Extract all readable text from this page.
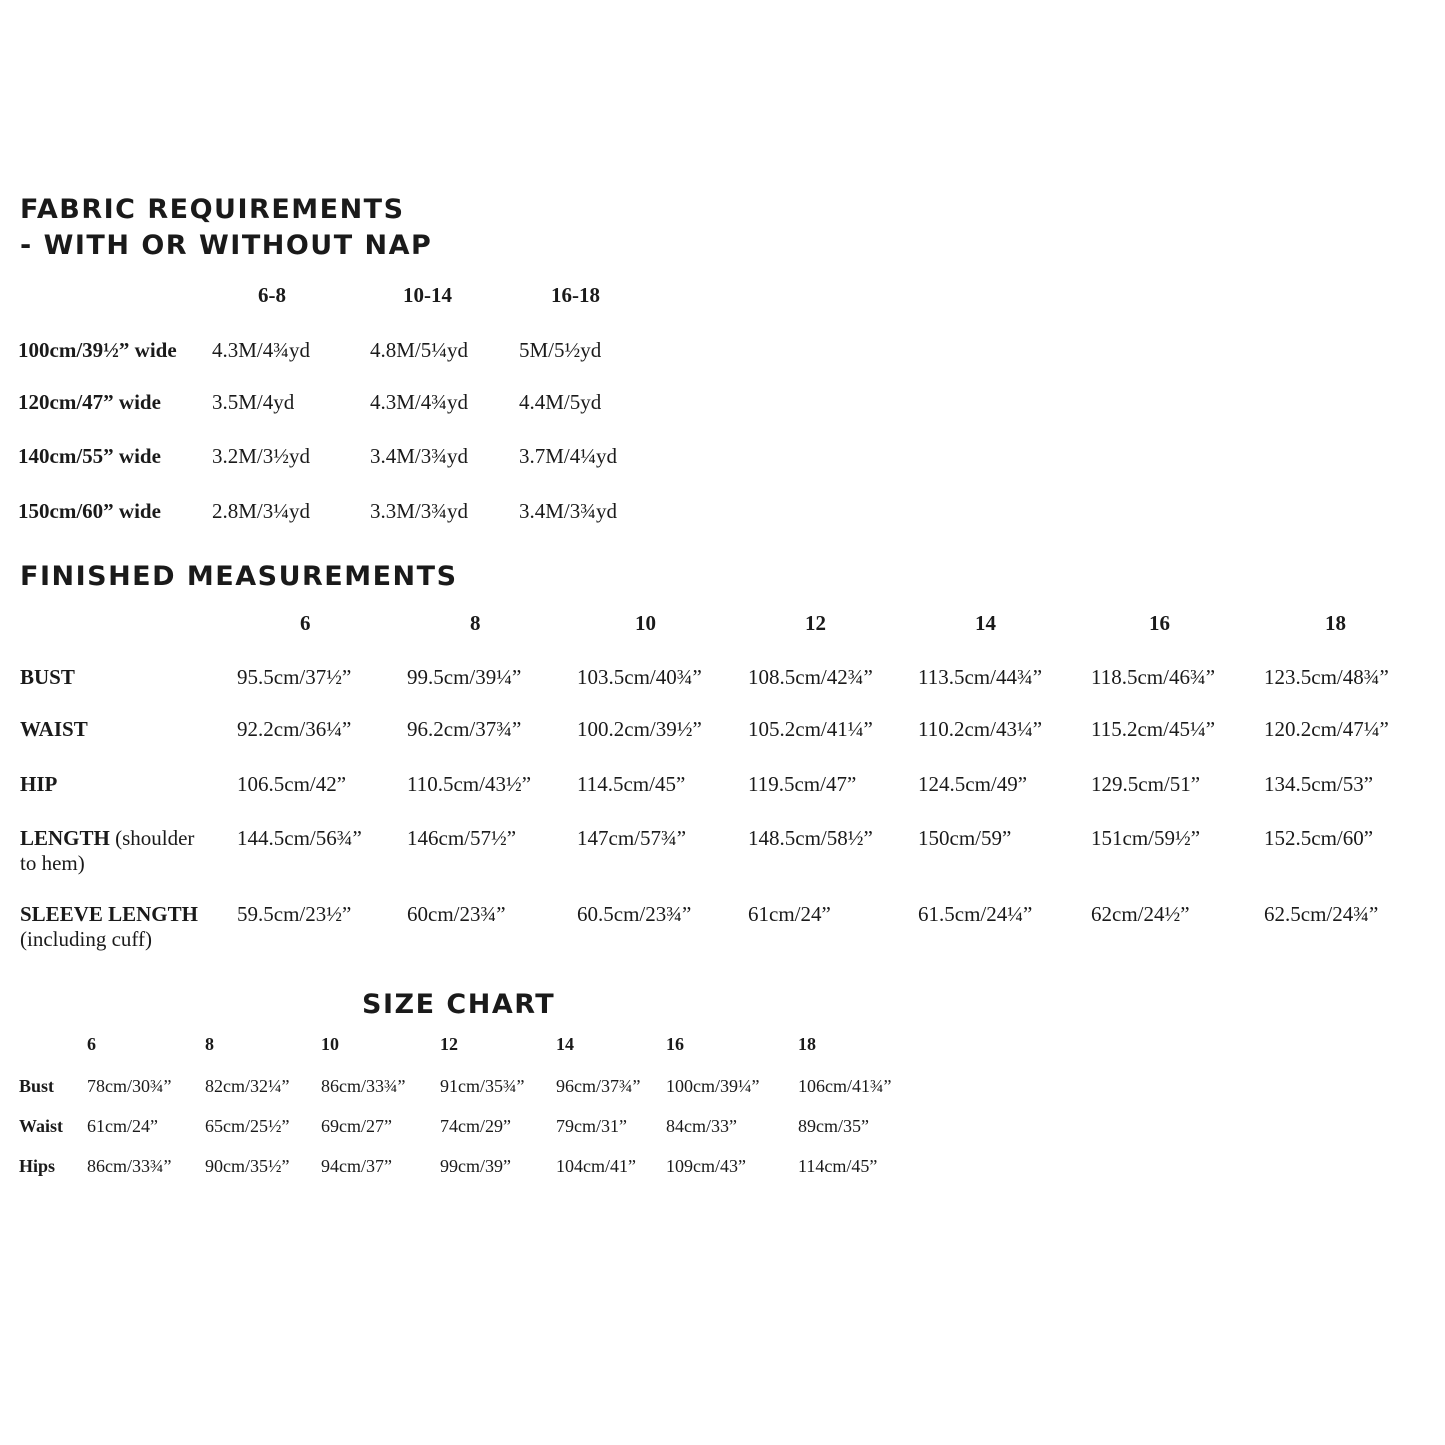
FABRIC REQUIREMENTS
- WITH OR WITHOUT NAP
6-8	10-14	16-18
100cm/39½” wide 4.3M/4¾yd	4.8M/5¼yd 5M/5½yd
120cm/47” wide 3.5M/4yd	4.3M/4¾yd 4.4M/5yd
140cm/55” wide 3.2M/3½yd	3.4M/3¾yd 3.7M/4¼yd
150cm/60” wide 2.8M/3¼yd	3.3M/3¾yd 3.4M/3¾yd
FINISHED MEASUREMENTS
6	8	10	12	14	16	18
BUST	95.5cm/37½”	99.5cm/39¼”	103.5cm/40¾” 108.5cm/42¾” 113.5cm/44¾” 118.5cm/46¾” 123.5cm/48¾”
WAIST	92.2cm/36¼”	96.2cm/37¾”	100.2cm/39½” 105.2cm/41¼” 110.2cm/43¼” 115.2cm/45¼” 120.2cm/47¼”
HIP	106.5cm/42”	110.5cm/43½” 114.5cm/45”	119.5cm/47”	124.5cm/49”	129.5cm/51”	134.5cm/53”
LENGTH (shoulder
to hem)
144.5cm/56¾” 146cm/57½”	147cm/57¾”	148.5cm/58½” 150cm/59”	151cm/59½”	152.5cm/60”
SLEEVE LENGTH
(including cuff)
59.5cm/23½”	60cm/23¾”	60.5cm/23¾”	61cm/24”	61.5cm/24¼”	62cm/24½”	62.5cm/24¾”
SIZE CHART
6	8	10	12	14	16	18
Bust 78cm/30¾” 82cm/32¼” 86cm/33¾” 91cm/35¾” 96cm/37¾” 100cm/39¼” 106cm/41¾”
Waist 61cm/24”	65cm/25½” 69cm/27”	74cm/29”	79cm/31” 84cm/33”	89cm/35”
Hips 86cm/33¾” 90cm/35½” 94cm/37”	99cm/39”	104cm/41” 109cm/43”	114cm/45”
